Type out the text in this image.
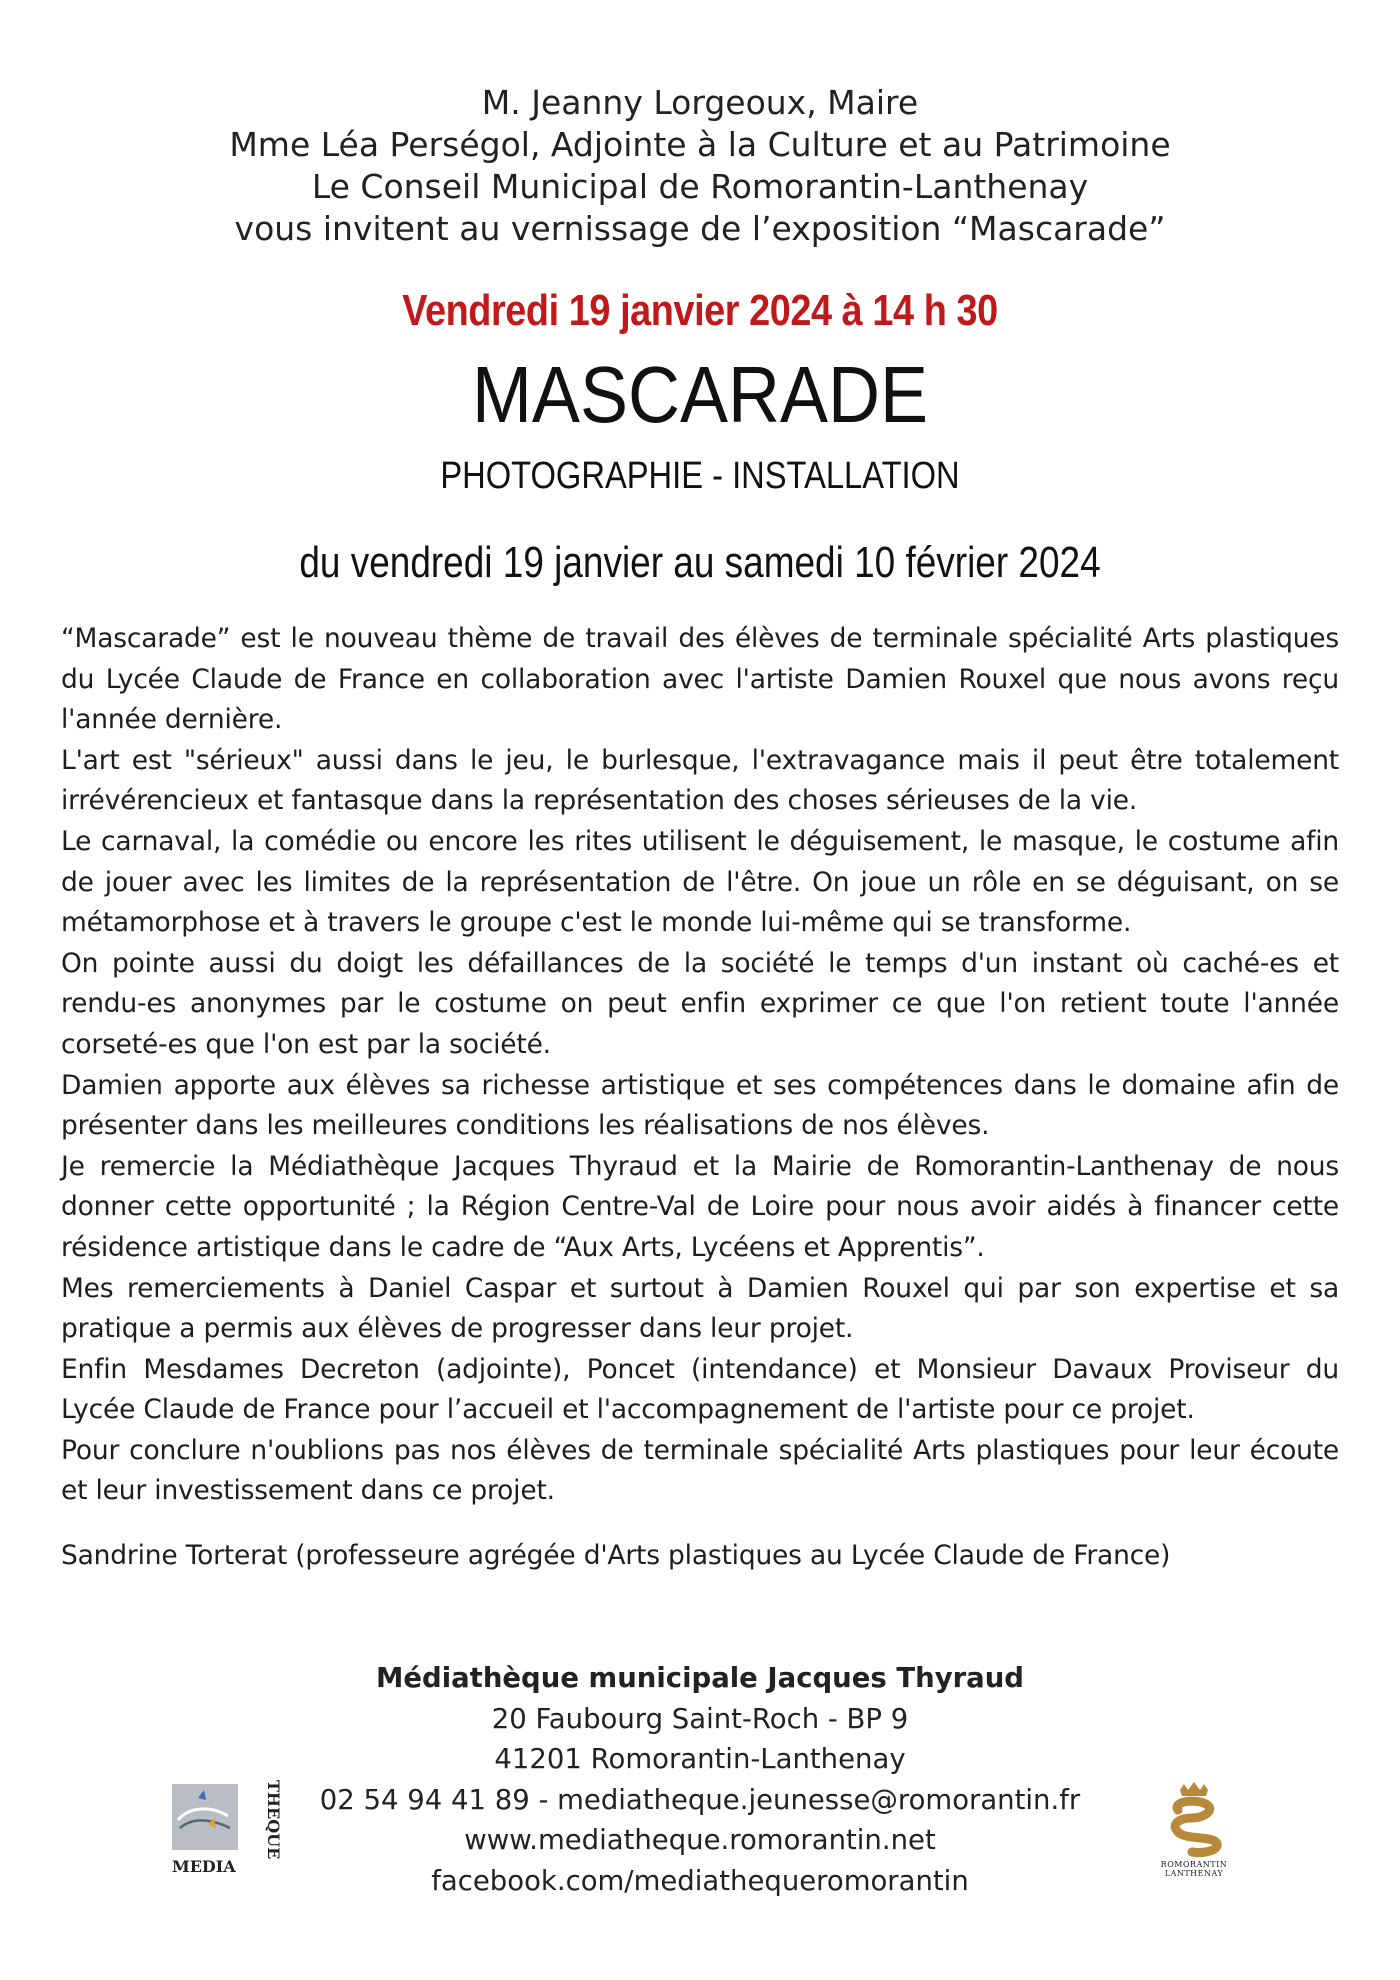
M. Jeanny Lorgeoux, Maire
Mme Léa Perségol, Adjointe à la Culture et au Patrimoine
Le Conseil Municipal de Romorantin-Lanthenay
vous invitent au vernissage de l’exposition “Mascarade”
Vendredi 19 janvier 2024 à 14 h 30
MASCARADE
PHOTOGRAPHIE - INSTALLATION
du vendredi 19 janvier au samedi 10 février 2024

“Mascarade” est le nouveau thème de travail des élèves de terminale spécialité Arts plastiques du Lycée Claude de France en collaboration avec l'artiste Damien Rouxel que nous avons reçu l'année dernière.

L'art est "sérieux" aussi dans le jeu, le burlesque, l'extravagance mais il peut être totalement irrévérencieux et fantasque dans la représentation des choses sérieuses de la vie.

Le carnaval, la comédie ou encore les rites utilisent le déguisement, le masque, le costume afin de jouer avec les limites de la représentation de l'être. On joue un rôle en se déguisant, on se métamorphose et à travers le groupe c'est le monde lui-même qui se transforme.

On pointe aussi du doigt les défaillances de la société le temps d'un instant où caché-es et rendu-es anonymes par le costume on peut enfin exprimer ce que l'on retient toute l'année corseté-es que l'on est par la société.

Damien apporte aux élèves sa richesse artistique et ses compétences dans le domaine afin de présenter dans les meilleures conditions les réalisations de nos élèves.

Je remercie la Médiathèque Jacques Thyraud et la Mairie de Romorantin-Lanthenay de nous donner cette opportunité ; la Région Centre-Val de Loire pour nous avoir aidés à financer cette résidence artistique dans le cadre de “Aux Arts, Lycéens et Apprentis”.

Mes remerciements à Daniel Caspar et surtout à Damien Rouxel qui par son expertise et sa pratique a permis aux élèves de progresser dans leur projet.

Enfin Mesdames Decreton (adjointe), Poncet (intendance) et Monsieur Davaux Proviseur du Lycée Claude de France pour l’accueil et l'accompagnement de l'artiste pour ce projet.

Pour conclure n'oublions pas nos élèves de terminale spécialité Arts plastiques pour leur écoute et leur investissement dans ce projet.

Sandrine Torterat (professeure agrégée d'Arts plastiques au Lycée Claude de France)
Médiathèque municipale Jacques Thyraud
20 Faubourg Saint-Roch - BP 9
41201 Romorantin-Lanthenay
02 54 94 41 89 - mediatheque.jeunesse@romorantin.fr
www.mediatheque.romorantin.net
facebook.com/mediathequeromorantin
MEDIA
THEQUE
ROMORANTIN
LANTHENAY
